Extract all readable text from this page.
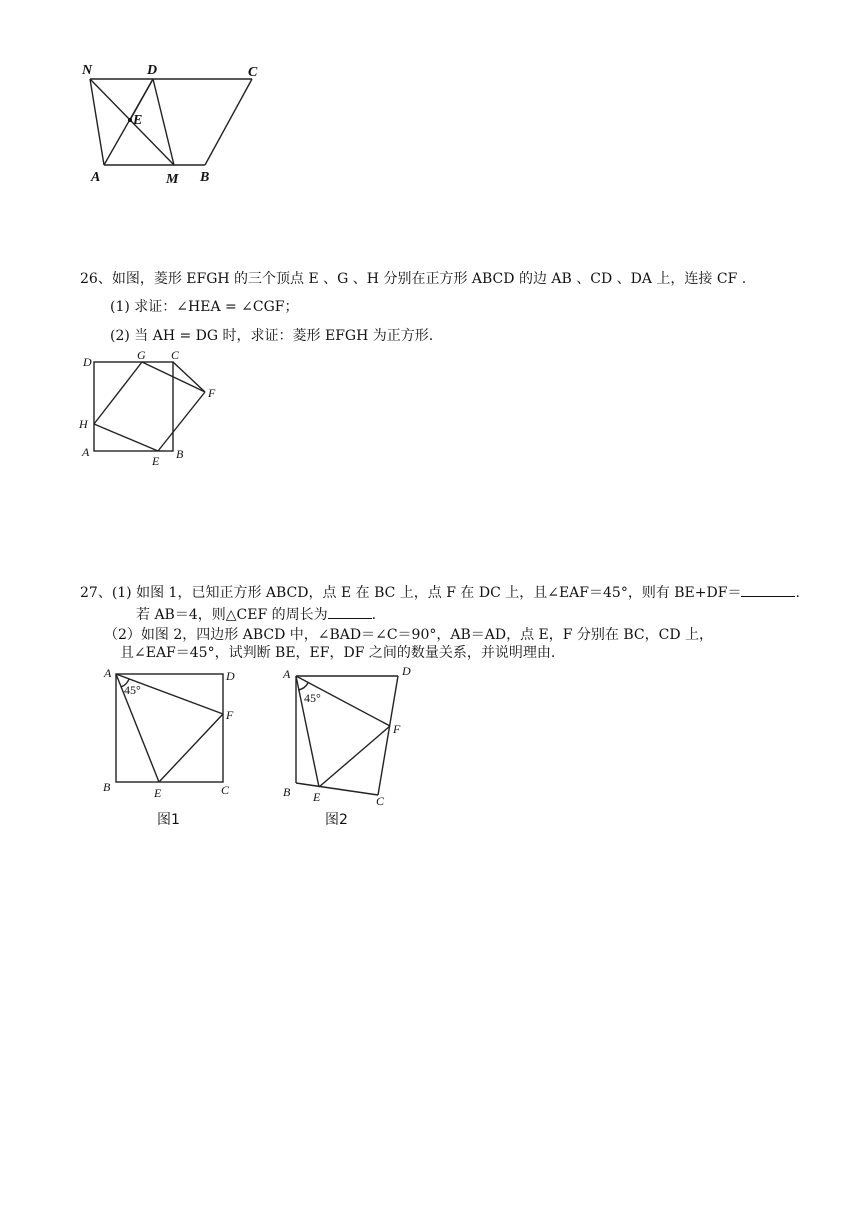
N	D	C
E
A	M B
26、如图，菱形 EFGH 的三个顶点 E 、G 、H 分别在正方形 ABCD 的边 AB 、CD 、DA 上，连接 CF .
(1) 求证：∠HEA = ∠CGF；
(2) 当 AH = DG 时，求证：菱形 EFGH 为正方形.
D	G C
F
H
A
E B
27、(1) 如图 1，已知正方形 ABCD，点 E 在 BC 上，点 F 在 DC 上，且∠EAF＝45°，则有 BE+DF＝	.
若 AB＝4，则△CEF 的周长为	.
（2）如图 2，四边形 ABCD 中，∠BAD＝∠C＝90°，AB＝AD，点 E，F 分别在 BC，CD 上，
且∠EAF＝45°，试判断 BE，EF，DF 之间的数量关系，并说明理由.
45°
A	D
F
B	E	C
图1
45°
A	D
F
B E	C
图2
